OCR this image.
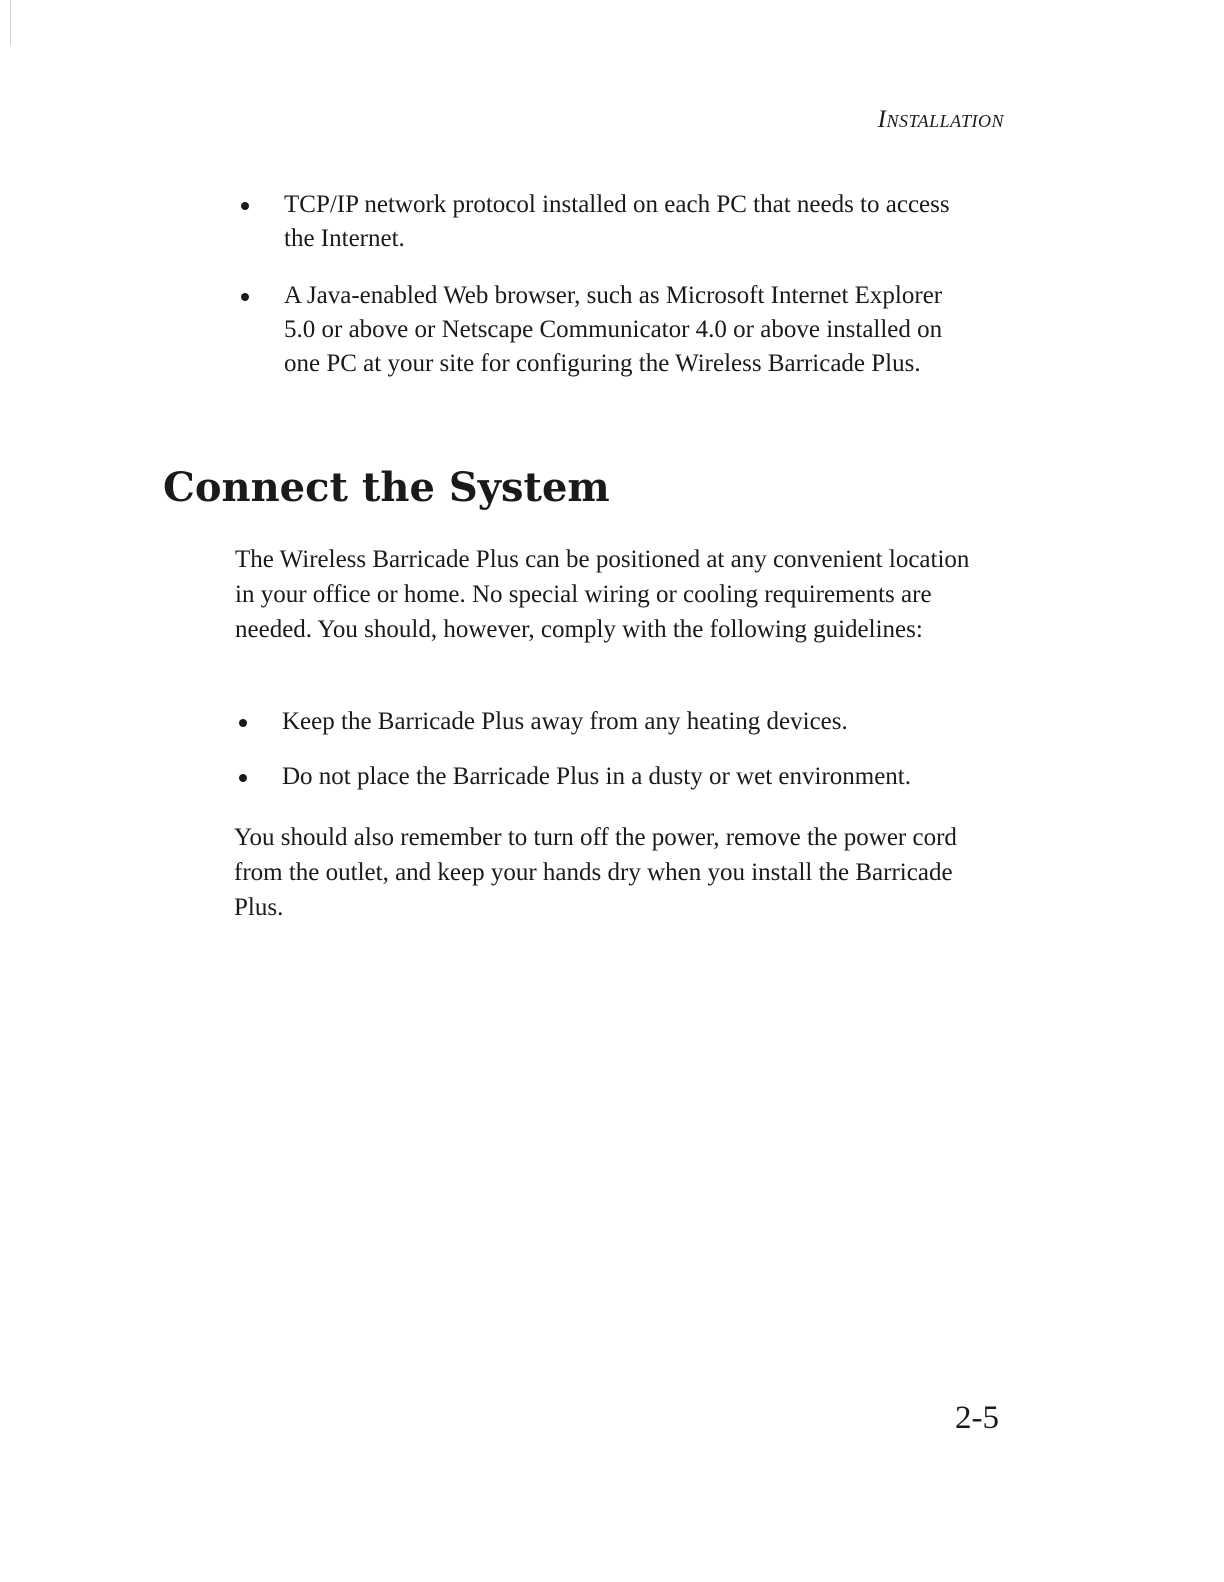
Installation
TCP/IP network protocol installed on each PC that needs to access the Internet.
A Java-enabled Web browser, such as Microsoft Internet Explorer 5.0 or above or Netscape Communicator 4.0 or above installed on one PC at your site for configuring the Wireless Barricade Plus.
Connect the System

The Wireless Barricade Plus can be positioned at any convenient location in your office or home. No special wiring or cooling requirements are needed. You should, however, comply with the following guidelines:

Keep the Barricade Plus away from any heating devices.
Do not place the Barricade Plus in a dusty or wet environment.

You should also remember to turn off the power, remove the power cord from the outlet, and keep your hands dry when you install the Barricade Plus.

2-5
